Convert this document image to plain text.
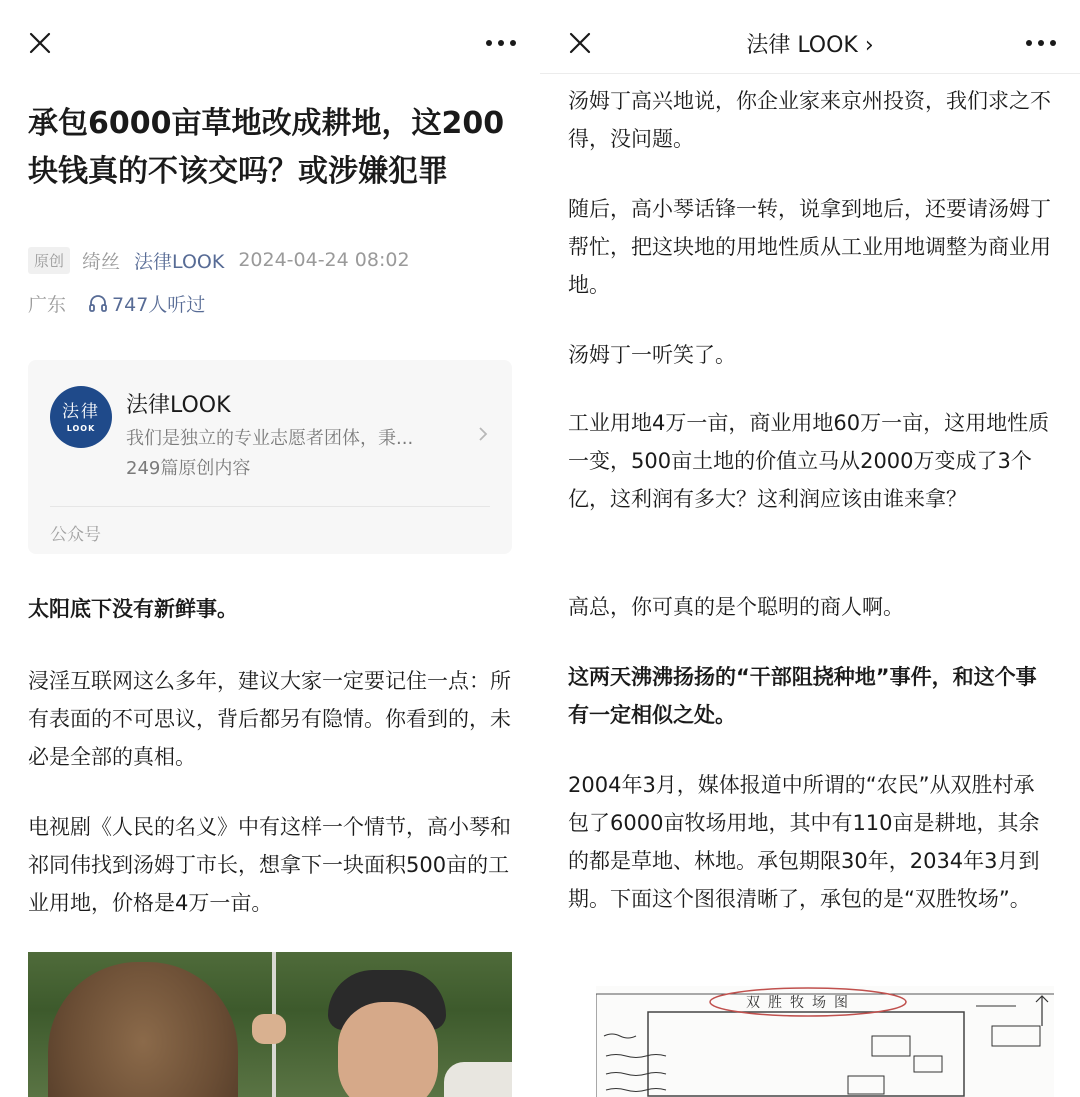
承包6000亩草地改成耕地，这200块钱真的不该交吗？或涉嫌犯罪
原创 绮丝 法律LOOK 2024-04-24 08:02
广东 747人听过
法律
LOOK
法律LOOK
我们是独立的专业志愿者团体，秉...
249篇原创内容
公众号
太阳底下没有新鲜事。
浸淫互联网这么多年，建议大家一定要记住一点：所有表面的不可思议，背后都另有隐情。你看到的，未必是全部的真相。
电视剧《人民的名义》中有这样一个情节，高小琴和祁同伟找到汤姆丁市长，想拿下一块面积500亩的工业用地，价格是4万一亩。
法律 LOOK ›
汤姆丁高兴地说，你企业家来京州投资，我们求之不得，没问题。
随后，高小琴话锋一转，说拿到地后，还要请汤姆丁帮忙，把这块地的用地性质从工业用地调整为商业用地。
汤姆丁一听笑了。
工业用地4万一亩，商业用地60万一亩，这用地性质一变，500亩土地的价值立马从2000万变成了3个亿，这利润有多大？这利润应该由谁来拿？
高总，你可真的是个聪明的商人啊。
这两天沸沸扬扬的“干部阻挠种地”事件，和这个事有一定相似之处。
2004年3月，媒体报道中所谓的“农民”从双胜村承包了6000亩牧场用地，其中有110亩是耕地，其余的都是草地、林地。承包期限30年，2034年3月到期。下面这个图很清晰了，承包的是“双胜牧场”。
双胜牧场图
